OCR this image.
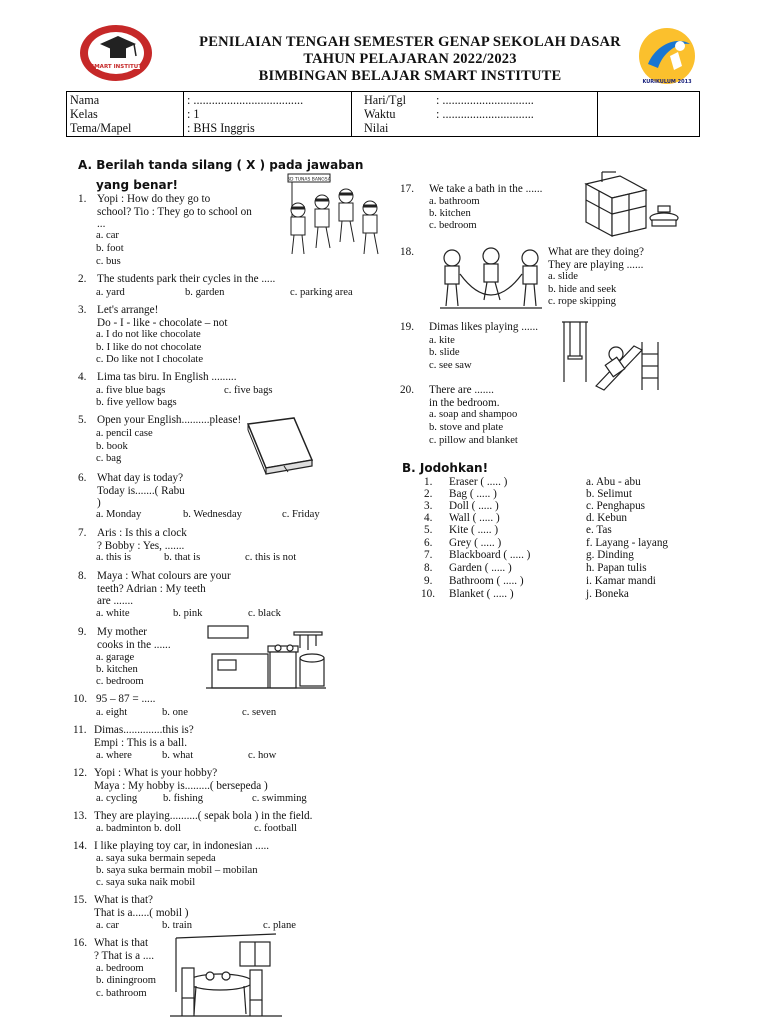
SMART INSTITUTE
PENILAIAN TENGAH SEMESTER GENAP SEKOLAH DASAR
TAHUN PELAJARAN 2022/2023
BIMBINGAN BELAJAR SMART INSTITUTE	KURIKULUM 2013
Nama	: ....................................	Hari/Tgl : ..............................
Kelas	: 1	Waktu	: ..............................
Tema/Mapel	: BHS Inggris	Nilai
A. Berilah tanda silang ( X ) pada jawaban
yang benar!
1. Yopi : How do they go to
school? Tio : They go to school on
...
a. car
b. foot
c. bus
2. The students park their cycles in the .....
a. yard	b. garden	c. parking area
3. Let's arrange!
Do - I - like - chocolate – not
a. I do not like chocolate
b. I like do not chocolate
c. Do like not I chocolate
4. Lima tas biru. In English .........
a. five blue bags	c. five bags
b. five yellow bags
5. Open your English..........please!
a. pencil case
b. book
c. bag
6. What day is today?
Today is.......( Rabu
)
a. Monday	b. Wednesday	c. Friday
7. Aris : Is this a clock
? Bobby : Yes, .......
a. this is	b. that is	c. this is not
8. Maya : What colours are your
teeth? Adrian : My teeth
are .......
a. white	b. pink	c. black
9. My mother
cooks in the ......
a. garage
b. kitchen
c. bedroom
10. 95 – 87 = .....
a. eight	b. one	c. seven
11. Dimas..............this is?
Empi : This is a ball.
a. where	b. what	c. how
12. Yopi : What is your hobby?
Maya : My hobby is.........( bersepeda )
a. cycling b. fishing	c. swimming
13. They are playing..........( sepak bola ) in the field.
a. badminton b. doll	c. football
14. I like playing toy car, in indonesian .....
a. saya suka bermain sepeda
b. saya suka bermain mobil – mobilan
c. saya suka naik mobil
15. What is that?
That is a......( mobil )
a. car	b. train	c. plane
16. What is that
? That is a ....
a. bedroom
b. diningroom
c. bathroom
17. We take a bath in the ......
a. bathroom
b. kitchen
c. bedroom
18.	What are they doing?
They are playing ......
a. slide
b. hide and seek
c. rope skipping
19. Dimas likes playing ......
a. kite
b. slide
c. see saw
20. There are .......
in the bedroom.
a. soap and shampoo
b. stove and plate
c. pillow and blanket
B. Jodohkan!
1. Eraser ( ..... )	a. Abu - abu
2. Bag ( ..... )	b. Selimut
3. Doll ( ..... )	c. Penghapus
4. Wall ( ..... )	d. Kebun
5. Kite ( ..... )	e. Tas
6. Grey ( ..... )	f. Layang - layang
7. Blackboard ( ..... )	g. Dinding
8. Garden ( ..... )	h. Papan tulis
9. Bathroom ( ..... )	i. Kamar mandi
10. Blanket ( ..... )	j. Boneka
SD TUNAS BANGSA
